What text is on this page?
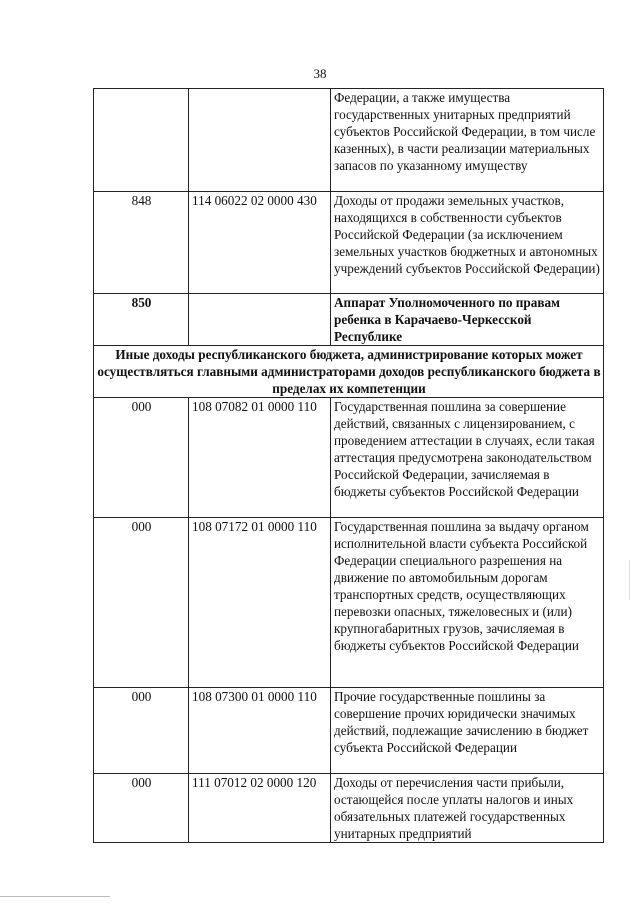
38
		Федерации, а также имущества государственных унитарных предприятий субъектов Российской Федерации, в том числе казенных), в части реализации материальных запасов по указанному имуществу
848	114 06022 02 0000 430	Доходы от продажи земельных участков, находящихся в собственности субъектов Российской Федерации (за исключением земельных участков бюджетных и автономных учреждений субъектов Российской Федерации)
850		Аппарат Уполномоченного по правам ребенка в Карачаево-Черкесской Республике
Иные доходы республиканского бюджета, администрирование которых может осуществляться главными администраторами доходов республиканского бюджета в пределах их компетенции		
000	108 07082 01 0000 110	Государственная пошлина за совершение действий, связанных с лицензированием, с проведением аттестации в случаях, если такая аттестация предусмотрена законодательством Российской Федерации, зачисляемая в бюджеты субъектов Российской Федерации
000	108 07172 01 0000 110	Государственная пошлина за выдачу органом исполнительной власти субъекта Российской Федерации специального разрешения на движение по автомобильным дорогам транспортных средств, осуществляющих перевозки опасных, тяжеловесных и (или) крупногабаритных грузов, зачисляемая в бюджеты субъектов Российской Федерации
000	108 07300 01 0000 110	Прочие государственные пошлины за совершение прочих юридически значимых действий, подлежащие зачислению в бюджет субъекта Российской Федерации
000	111 07012 02 0000 120	Доходы от перечисления части прибыли, остающейся после уплаты налогов и иных обязательных платежей государственных унитарных предприятий
